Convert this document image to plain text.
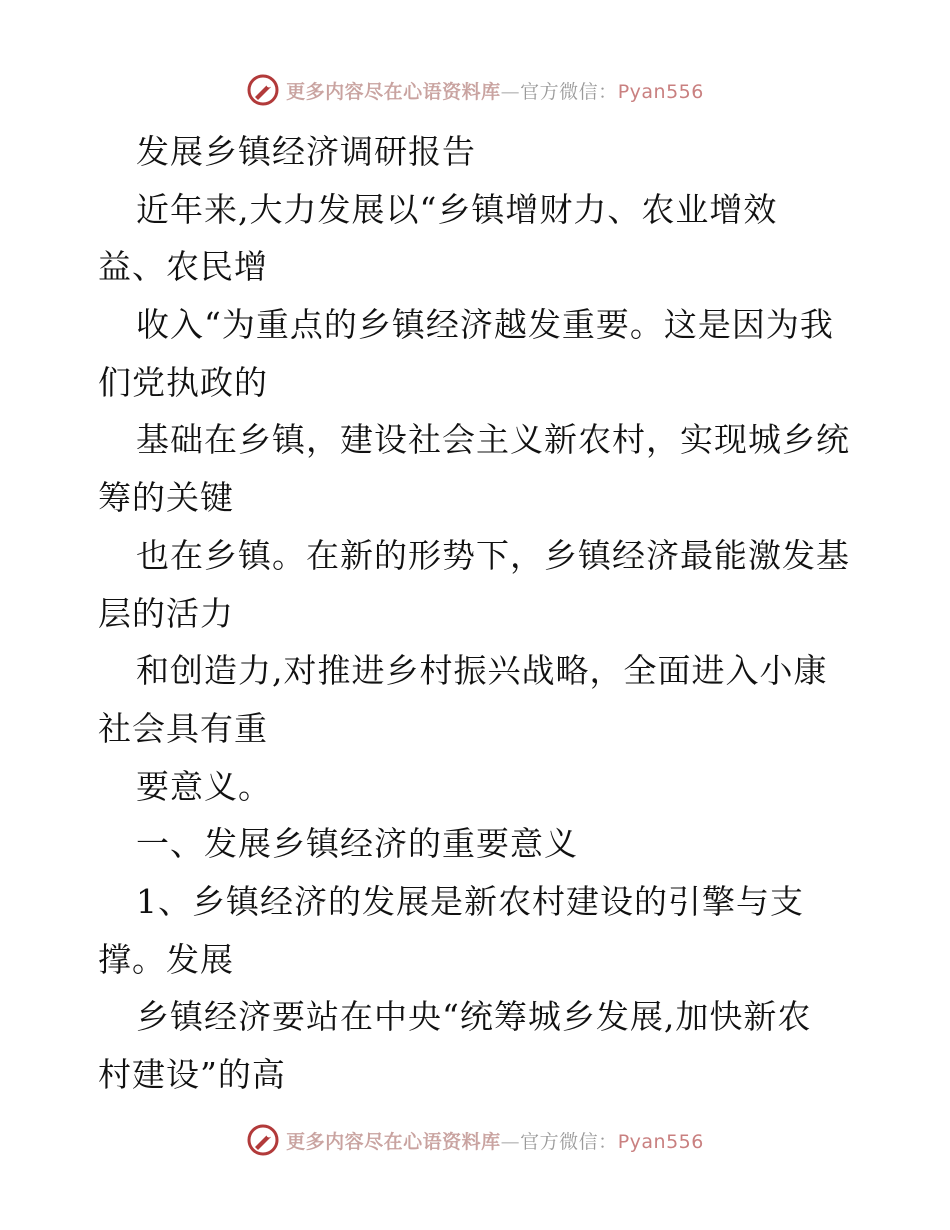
更多内容尽在心语资料库—官方微信：Pyan556
发展乡镇经济调研报告
近年来,大力发展以“乡镇增财力、农业增效
益、农民增
收入“为重点的乡镇经济越发重要。这是因为我
们党执政的
基础在乡镇，建设社会主义新农村，实现城乡统
筹的关键
也在乡镇。在新的形势下，乡镇经济最能激发基
层的活力
和创造力,对推进乡村振兴战略，全面进入小康
社会具有重
要意义。
一、发展乡镇经济的重要意义
1、乡镇经济的发展是新农村建设的引擎与支
撑。发展
乡镇经济要站在中央“统筹城乡发展,加快新农
村建设”的高
更多内容尽在心语资料库—官方微信：Pyan556
